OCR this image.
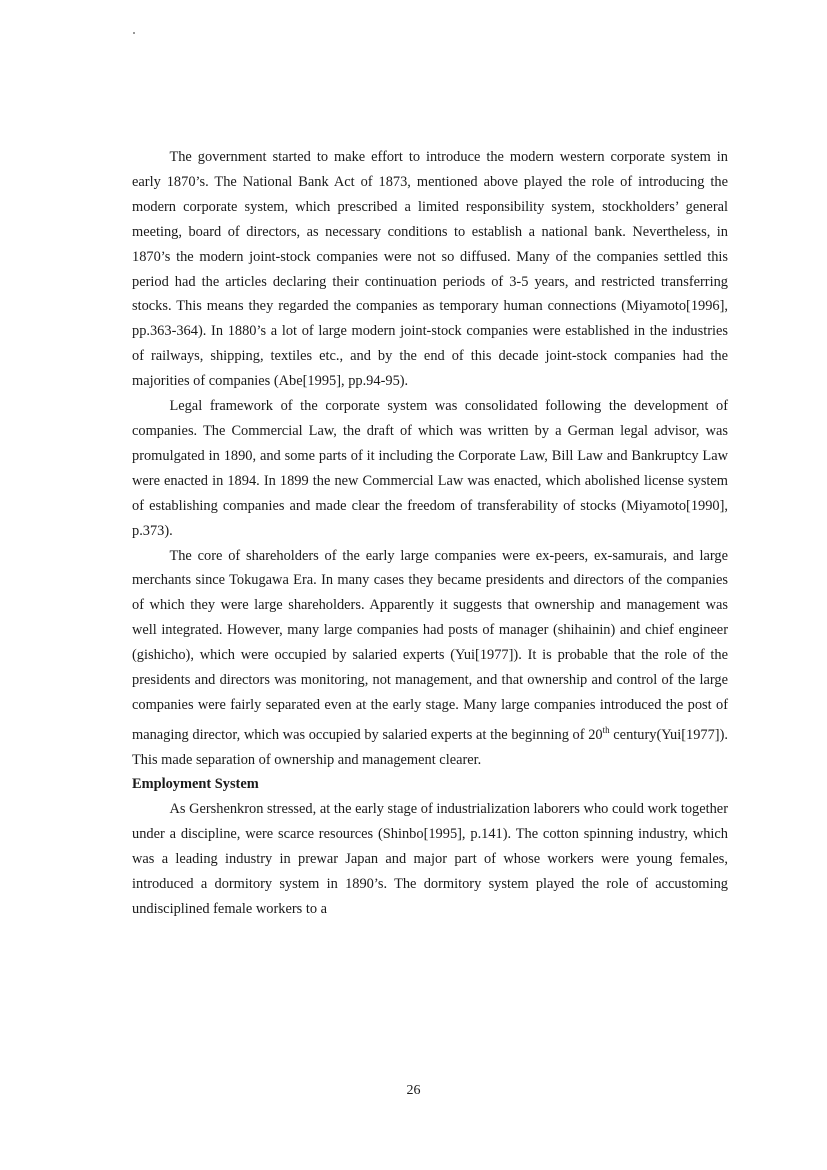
The government started to make effort to introduce the modern western corporate system in early 1870’s. The National Bank Act of 1873, mentioned above played the role of introducing the modern corporate system, which prescribed a limited responsibility system, stockholders’ general meeting, board of directors, as necessary conditions to establish a national bank. Nevertheless, in 1870’s the modern joint-stock companies were not so diffused. Many of the companies settled this period had the articles declaring their continuation periods of 3-5 years, and restricted transferring stocks. This means they regarded the companies as temporary human connections (Miyamoto[1996], pp.363-364). In 1880’s a lot of large modern joint-stock companies were established in the industries of railways, shipping, textiles etc., and by the end of this decade joint-stock companies had the majorities of companies (Abe[1995], pp.94-95).

Legal framework of the corporate system was consolidated following the development of companies. The Commercial Law, the draft of which was written by a German legal advisor, was promulgated in 1890, and some parts of it including the Corporate Law, Bill Law and Bankruptcy Law were enacted in 1894. In 1899 the new Commercial Law was enacted, which abolished license system of establishing companies and made clear the freedom of transferability of stocks (Miyamoto[1990], p.373).

The core of shareholders of the early large companies were ex-peers, ex-samurais, and large merchants since Tokugawa Era. In many cases they became presidents and directors of the companies of which they were large shareholders. Apparently it suggests that ownership and management was well integrated. However, many large companies had posts of manager (shihainin) and chief engineer (gishicho), which were occupied by salaried experts (Yui[1977]). It is probable that the role of the presidents and directors was monitoring, not management, and that ownership and control of the large companies were fairly separated even at the early stage. Many large companies introduced the post of managing director, which was occupied by salaried experts at the beginning of 20th century(Yui[1977]). This made separation of ownership and management clearer.

Employment System

As Gershenkron stressed, at the early stage of industrialization laborers who could work together under a discipline, were scarce resources (Shinbo[1995], p.141). The cotton spinning industry, which was a leading industry in prewar Japan and major part of whose workers were young females, introduced a dormitory system in 1890’s. The dormitory system played the role of accustoming undisciplined female workers to a

26
